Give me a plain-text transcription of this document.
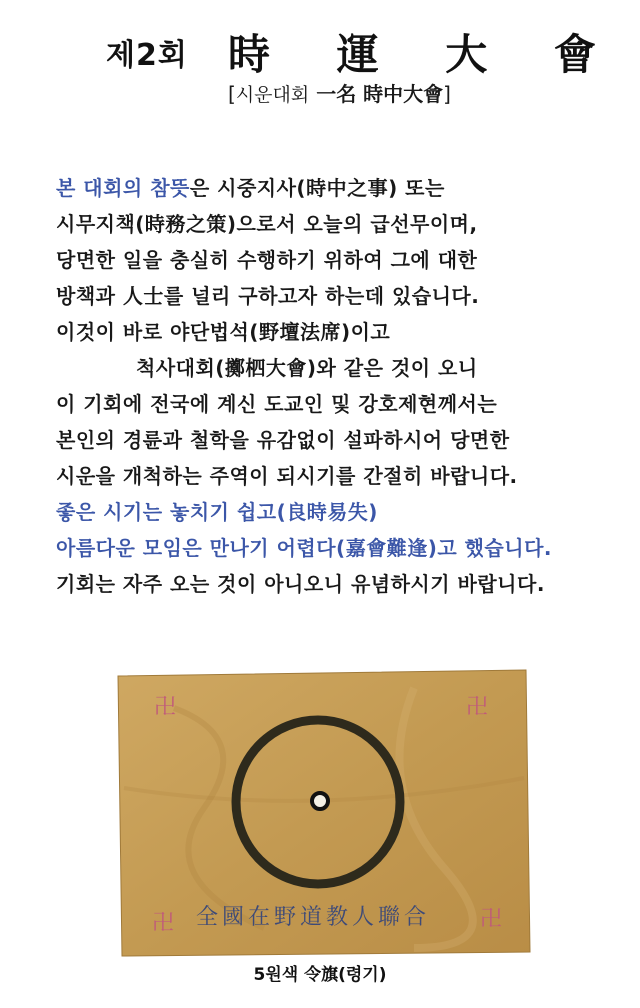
제2회 時 運 大 會
[시운대회 一名 時中大會]
본 대회의 참뜻은 시중지사(時中之事) 또는
시무지책(時務之策)으로서 오늘의 급선무이며,
당면한 일을 충실히 수행하기 위하여 그에 대한
방책과 人士를 널리 구하고자 하는데 있습니다.
이것이 바로 야단법석(野壇法席)이고
척사대회(擲柶大會)와 같은 것이 오니
이 기회에 전국에 계신 도교인 및 강호제현께서는
본인의 경륜과 철학을 유감없이 설파하시어 당면한
시운을 개척하는 주역이 되시기를 간절히 바랍니다.
좋은 시기는 놓치기 쉽고(良時易失)
아름다운 모임은 만나기 어렵다(嘉會難逢)고 했습니다.
기회는 자주 오는 것이 아니오니 유념하시기 바랍니다.
卍	卍
卍	卍
全國在野道教人聯合
5원색 令旗(령기)
